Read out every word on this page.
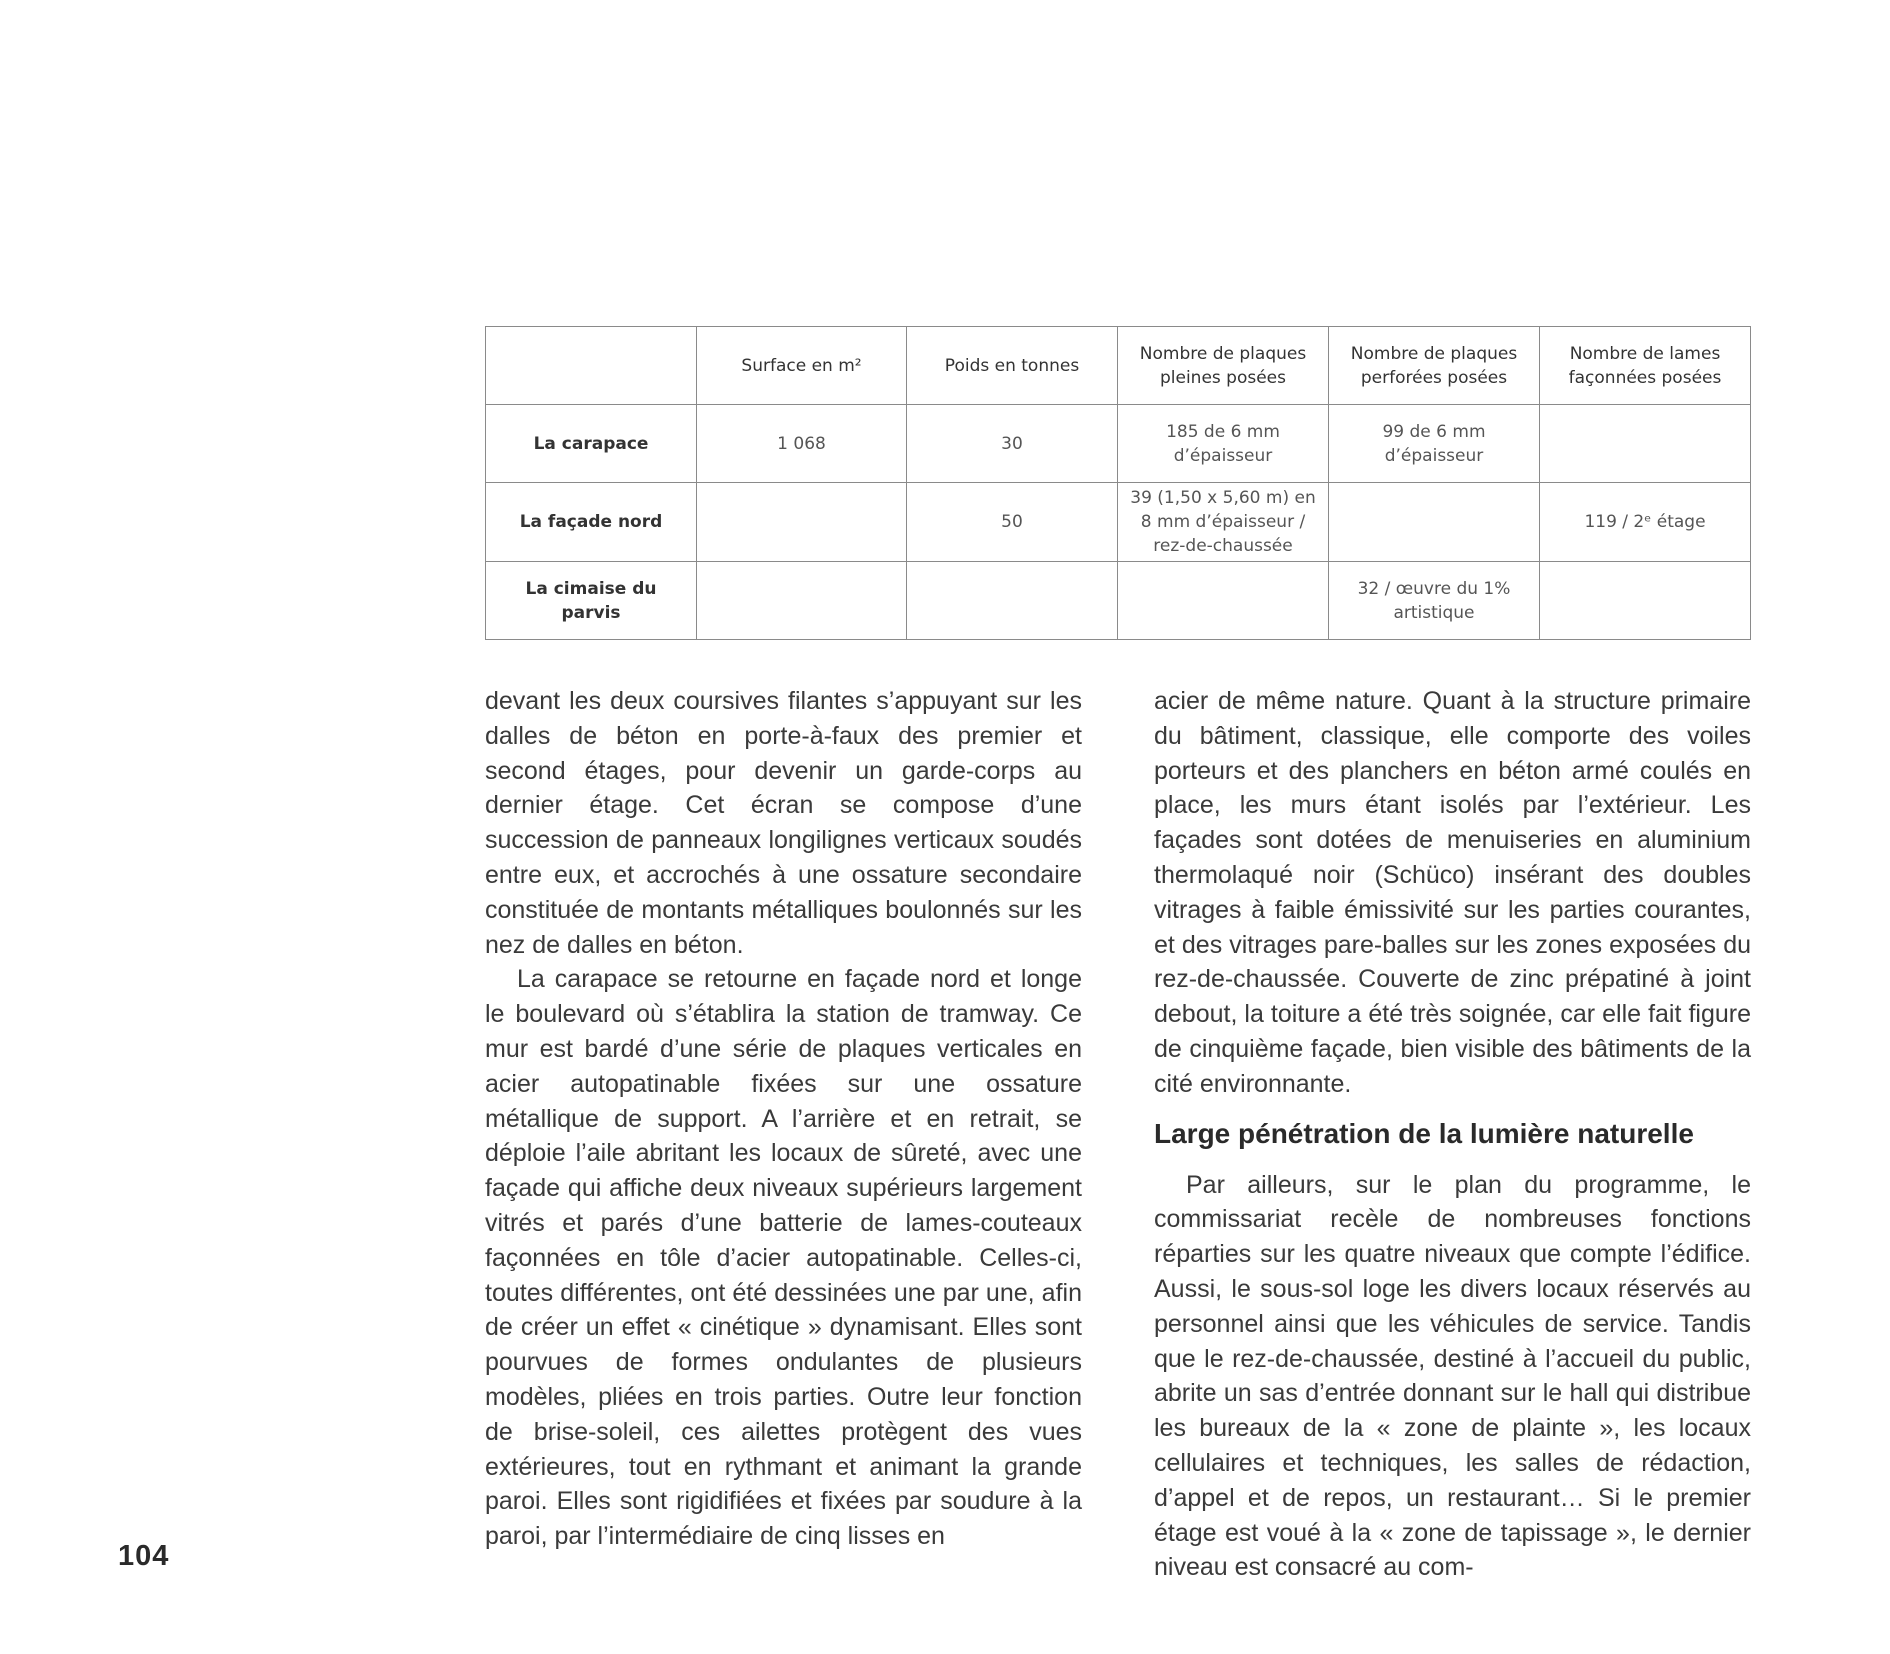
	Surface en m²	Poids en tonnes	Nombre de plaques pleines posées	Nombre de plaques perforées posées	Nombre de lames façonnées posées
La carapace	1 068	30	185 de 6 mm d’épaisseur	99 de 6 mm d’épaisseur	
La façade nord		50	39 (1,50 x 5,60 m) en 8 mm d’épaisseur / rez-de-chaussée		119 / 2ᵉ étage
La cimaise du parvis				32 / œuvre du 1% artistique	

devant les deux coursives filantes s’appuyant sur les dalles de béton en porte-à-faux des premier et second étages, pour devenir un garde-corps au dernier étage. Cet écran se compose d’une succession de panneaux longilignes verticaux soudés entre eux, et accrochés à une ossature secondaire constituée de montants métalliques boulonnés sur les nez de dalles en béton.

La carapace se retourne en façade nord et longe le boulevard où s’établira la station de tramway. Ce mur est bardé d’une série de plaques verticales en acier autopatinable fixées sur une ossature métallique de support. A l’arrière et en retrait, se déploie l’aile abritant les locaux de sûreté, avec une façade qui affiche deux niveaux supérieurs largement vitrés et parés d’une batterie de lames-couteaux façonnées en tôle d’acier autopatinable. Celles-ci, toutes différentes, ont été dessinées une par une, afin de créer un effet « cinétique » dynamisant. Elles sont pourvues de formes ondulantes de plusieurs modèles, pliées en trois parties. Outre leur fonction de brise-soleil, ces ailettes protègent des vues extérieures, tout en rythmant et animant la grande paroi. Elles sont rigidifiées et fixées par soudure à la paroi, par l’intermédiaire de cinq lisses en

acier de même nature. Quant à la structure primaire du bâtiment, classique, elle comporte des voiles porteurs et des planchers en béton armé coulés en place, les murs étant isolés par l’extérieur. Les façades sont dotées de menuiseries en aluminium thermolaqué noir (Schüco) insérant des doubles vitrages à faible émissivité sur les parties courantes, et des vitrages pare-balles sur les zones exposées du rez-de-chaussée. Couverte de zinc prépatiné à joint debout, la toiture a été très soignée, car elle fait figure de cinquième façade, bien visible des bâtiments de la cité environnante.

Large pénétration de la lumière naturelle

Par ailleurs, sur le plan du programme, le commissariat recèle de nombreuses fonctions réparties sur les quatre niveaux que compte l’édifice. Aussi, le sous-sol loge les divers locaux réservés au personnel ainsi que les véhicules de service. Tandis que le rez-de-chaussée, destiné à l’accueil du public, abrite un sas d’entrée donnant sur le hall qui distribue les bureaux de la « zone de plainte », les locaux cellulaires et techniques, les salles de rédaction, d’appel et de repos, un restaurant… Si le premier étage est voué à la « zone de tapissage », le dernier niveau est consacré au com-

104
